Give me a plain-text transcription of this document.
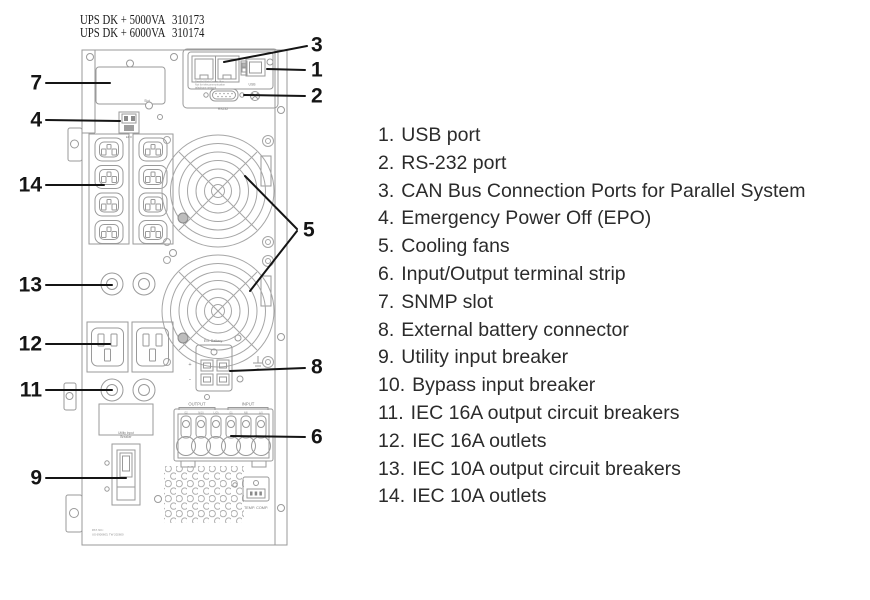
UPS DK + 5000VA 310173
UPS DK + 6000VA 310174
Parallel Web Comm. Bus
Not for telecommunication
telephone network
USB
RS232
Slot
EPO
Ext. Battery
+
-
OUTPUT	INPUT
G2	N(O)	L(O)	G1	N(I)	L(I)
Utility Input
Breaker
TEMP. COMP.
PAT. NO.:
US 6900603, TW 202600
7
4
14
13
12
11
9
3
1
2
5
8
6
1. USB port
2. RS-232 port
3. CAN Bus Connection Ports for Parallel System
4. Emergency Power Off (EPO)
5. Cooling fans
6. Input/Output terminal strip
7. SNMP slot
8. External battery connector
9. Utility input breaker
10. Bypass input breaker
11. IEC 16A output circuit breakers
12. IEC 16A outlets
13. IEC 10A output circuit breakers
14. IEC 10A outlets
